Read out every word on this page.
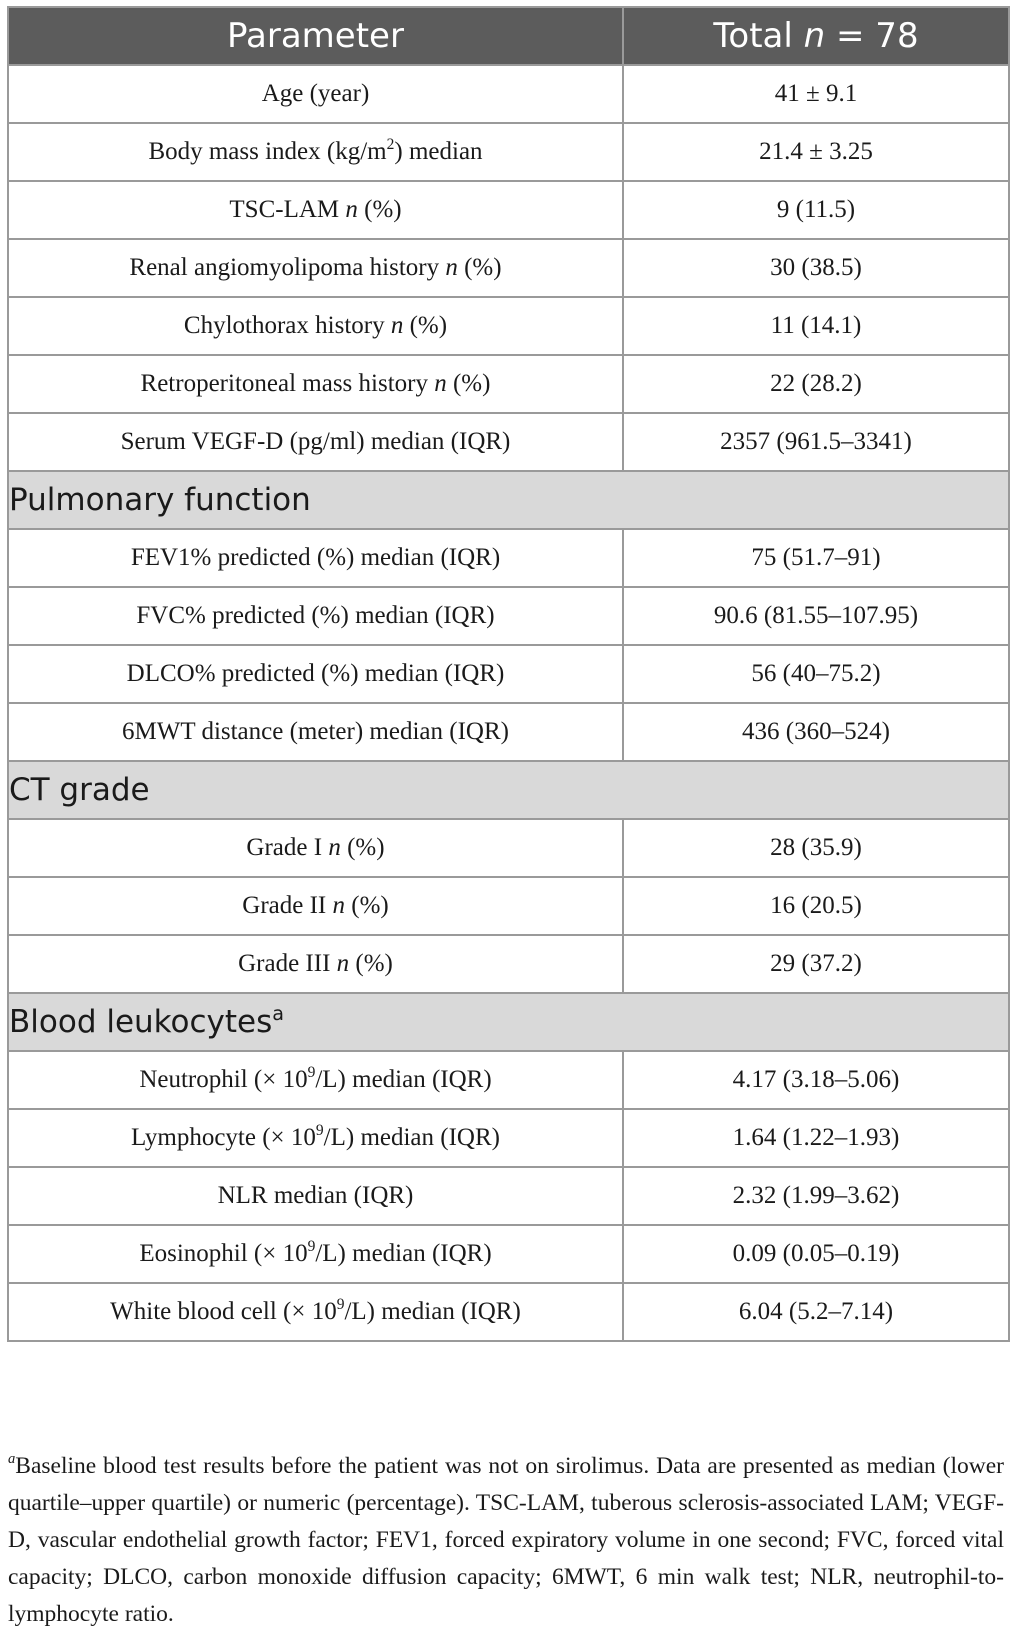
Parameter	Total n = 78
Age (year)	41 ± 9.1
Body mass index $(kg/m^2)$ median	21.4 ± 3.25
TSC-LAM n (%)	9 (11.5)
Renal angiomyolipoma history n (%)	30 (38.5)
Chylothorax history n (%)	11 (14.1)
Retroperitoneal mass history n (%)	22 (28.2)
Serum VEGF-D (pg/ml) median (IQR)	2357 (961.5–3341)
Pulmonary function	
FEV1% predicted (%) median (IQR)	75 (51.7–91)
FVC% predicted (%) median (IQR)	90.6 (81.55–107.95)
DLCO% predicted (%) median (IQR)	56 (40–75.2)
6MWT distance (meter) median (IQR)	436 (360–524)
CT grade	
Grade I n (%)	28 (35.9)
Grade II n (%)	16 (20.5)
Grade III n (%)	29 (37.2)
Blood leukocytes$^a$
Neutrophil (× $10^9/L$) median (IQR)	4.17 (3.18–5.06)
Lymphocyte (× $10^9/L$) median (IQR)	1.64 (1.22–1.93)
NLR median (IQR)	2.32 (1.99–3.62)
Eosinophil (× $10^9/L$) median (IQR)	0.09 (0.05–0.19)
White blood cell (× $10^9/L$) median (IQR)	6.04 (5.2–7.14)
$^a$Baseline blood test results before the patient was not on sirolimus. Data are presented as median (lower quartile–upper quartile) or numeric (percentage). TSC-LAM, tuberous sclerosis-associated LAM; VEGF-D, vascular endothelial growth factor; FEV1, forced expiratory volume in one second; FVC, forced vital capacity; DLCO, carbon monoxide diffusion capacity; 6MWT, 6 min walk test; NLR, neutrophil-to-lymphocyte ratio.
